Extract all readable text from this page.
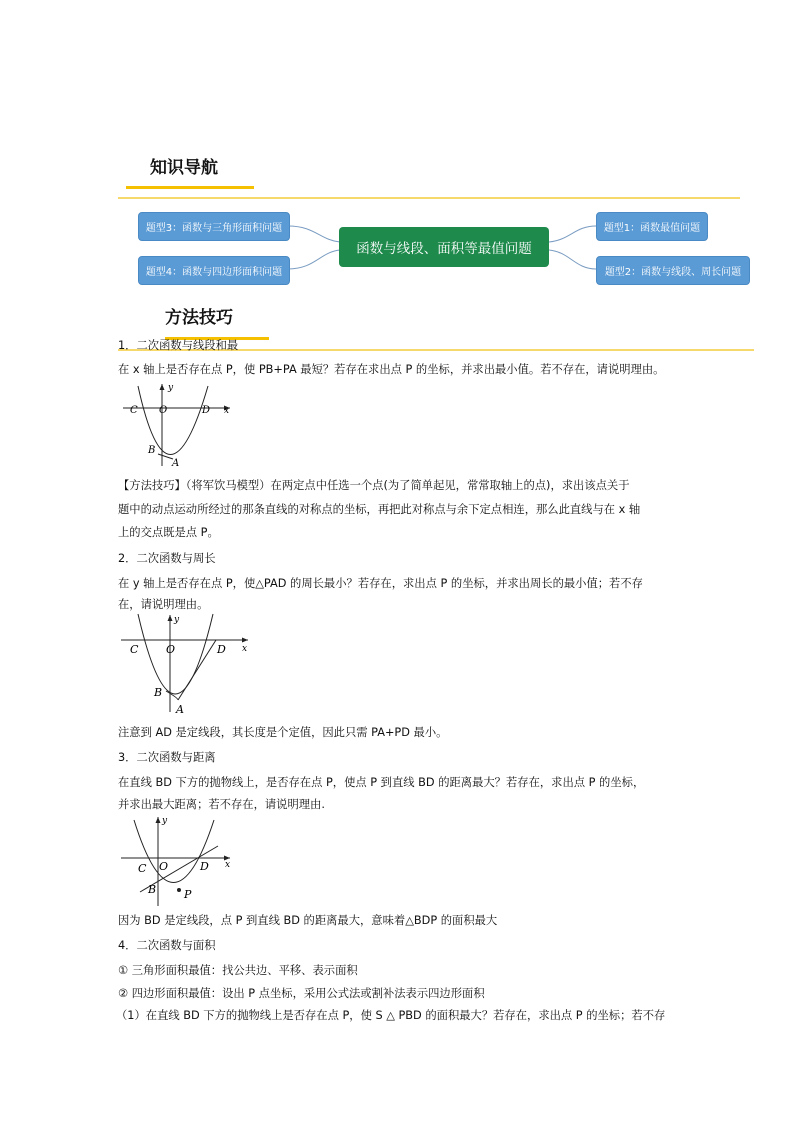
知识导航
题型3：函数与三角形面积问题
题型4：函数与四边形面积问题
函数与线段、面积等最值问题
题型1：函数最值问题
题型2：函数与线段、周长问题
方法技巧
1．二次函数与线段和最
在 x 轴上是否存在点 P，使 PB+PA 最短？若存在求出点 P 的坐标，并求出最小值。若不存在，请说明理由。
y
x
C O	D
B
A
【方法技巧】（将军饮马模型）在两定点中任选一个点(为了简单起见，常常取轴上的点)，求出该点关于
题中的动点运动所经过的那条直线的对称点的坐标，再把此对称点与余下定点相连，那么此直线与在 x 轴
上的交点既是点 P。
2．二次函数与周长
在 y 轴上是否存在点 P，使△PAD 的周长最小？若存在，求出点 P 的坐标，并求出周长的最小值；若不存
在，请说明理由。
y
x
C	O	D
B
A
注意到 AD 是定线段，其长度是个定值，因此只需 PA+PD 最小。
3．二次函数与距离
在直线 BD 下方的抛物线上，是否存在点 P，使点 P 到直线 BD 的距离最大？若存在，求出点 P 的坐标，
并求出最大距离；若不存在，请说明理由.
y
x
C O	D
B	P
因为 BD 是定线段，点 P 到直线 BD 的距离最大，意味着△BDP 的面积最大
4．二次函数与面积
① 三角形面积最值：找公共边、平移、表示面积
② 四边形面积最值：设出 P 点坐标，采用公式法或割补法表示四边形面积
（1）在直线 BD 下方的抛物线上是否存在点 P，使 S △ PBD 的面积最大？若存在，求出点 P 的坐标；若不存
